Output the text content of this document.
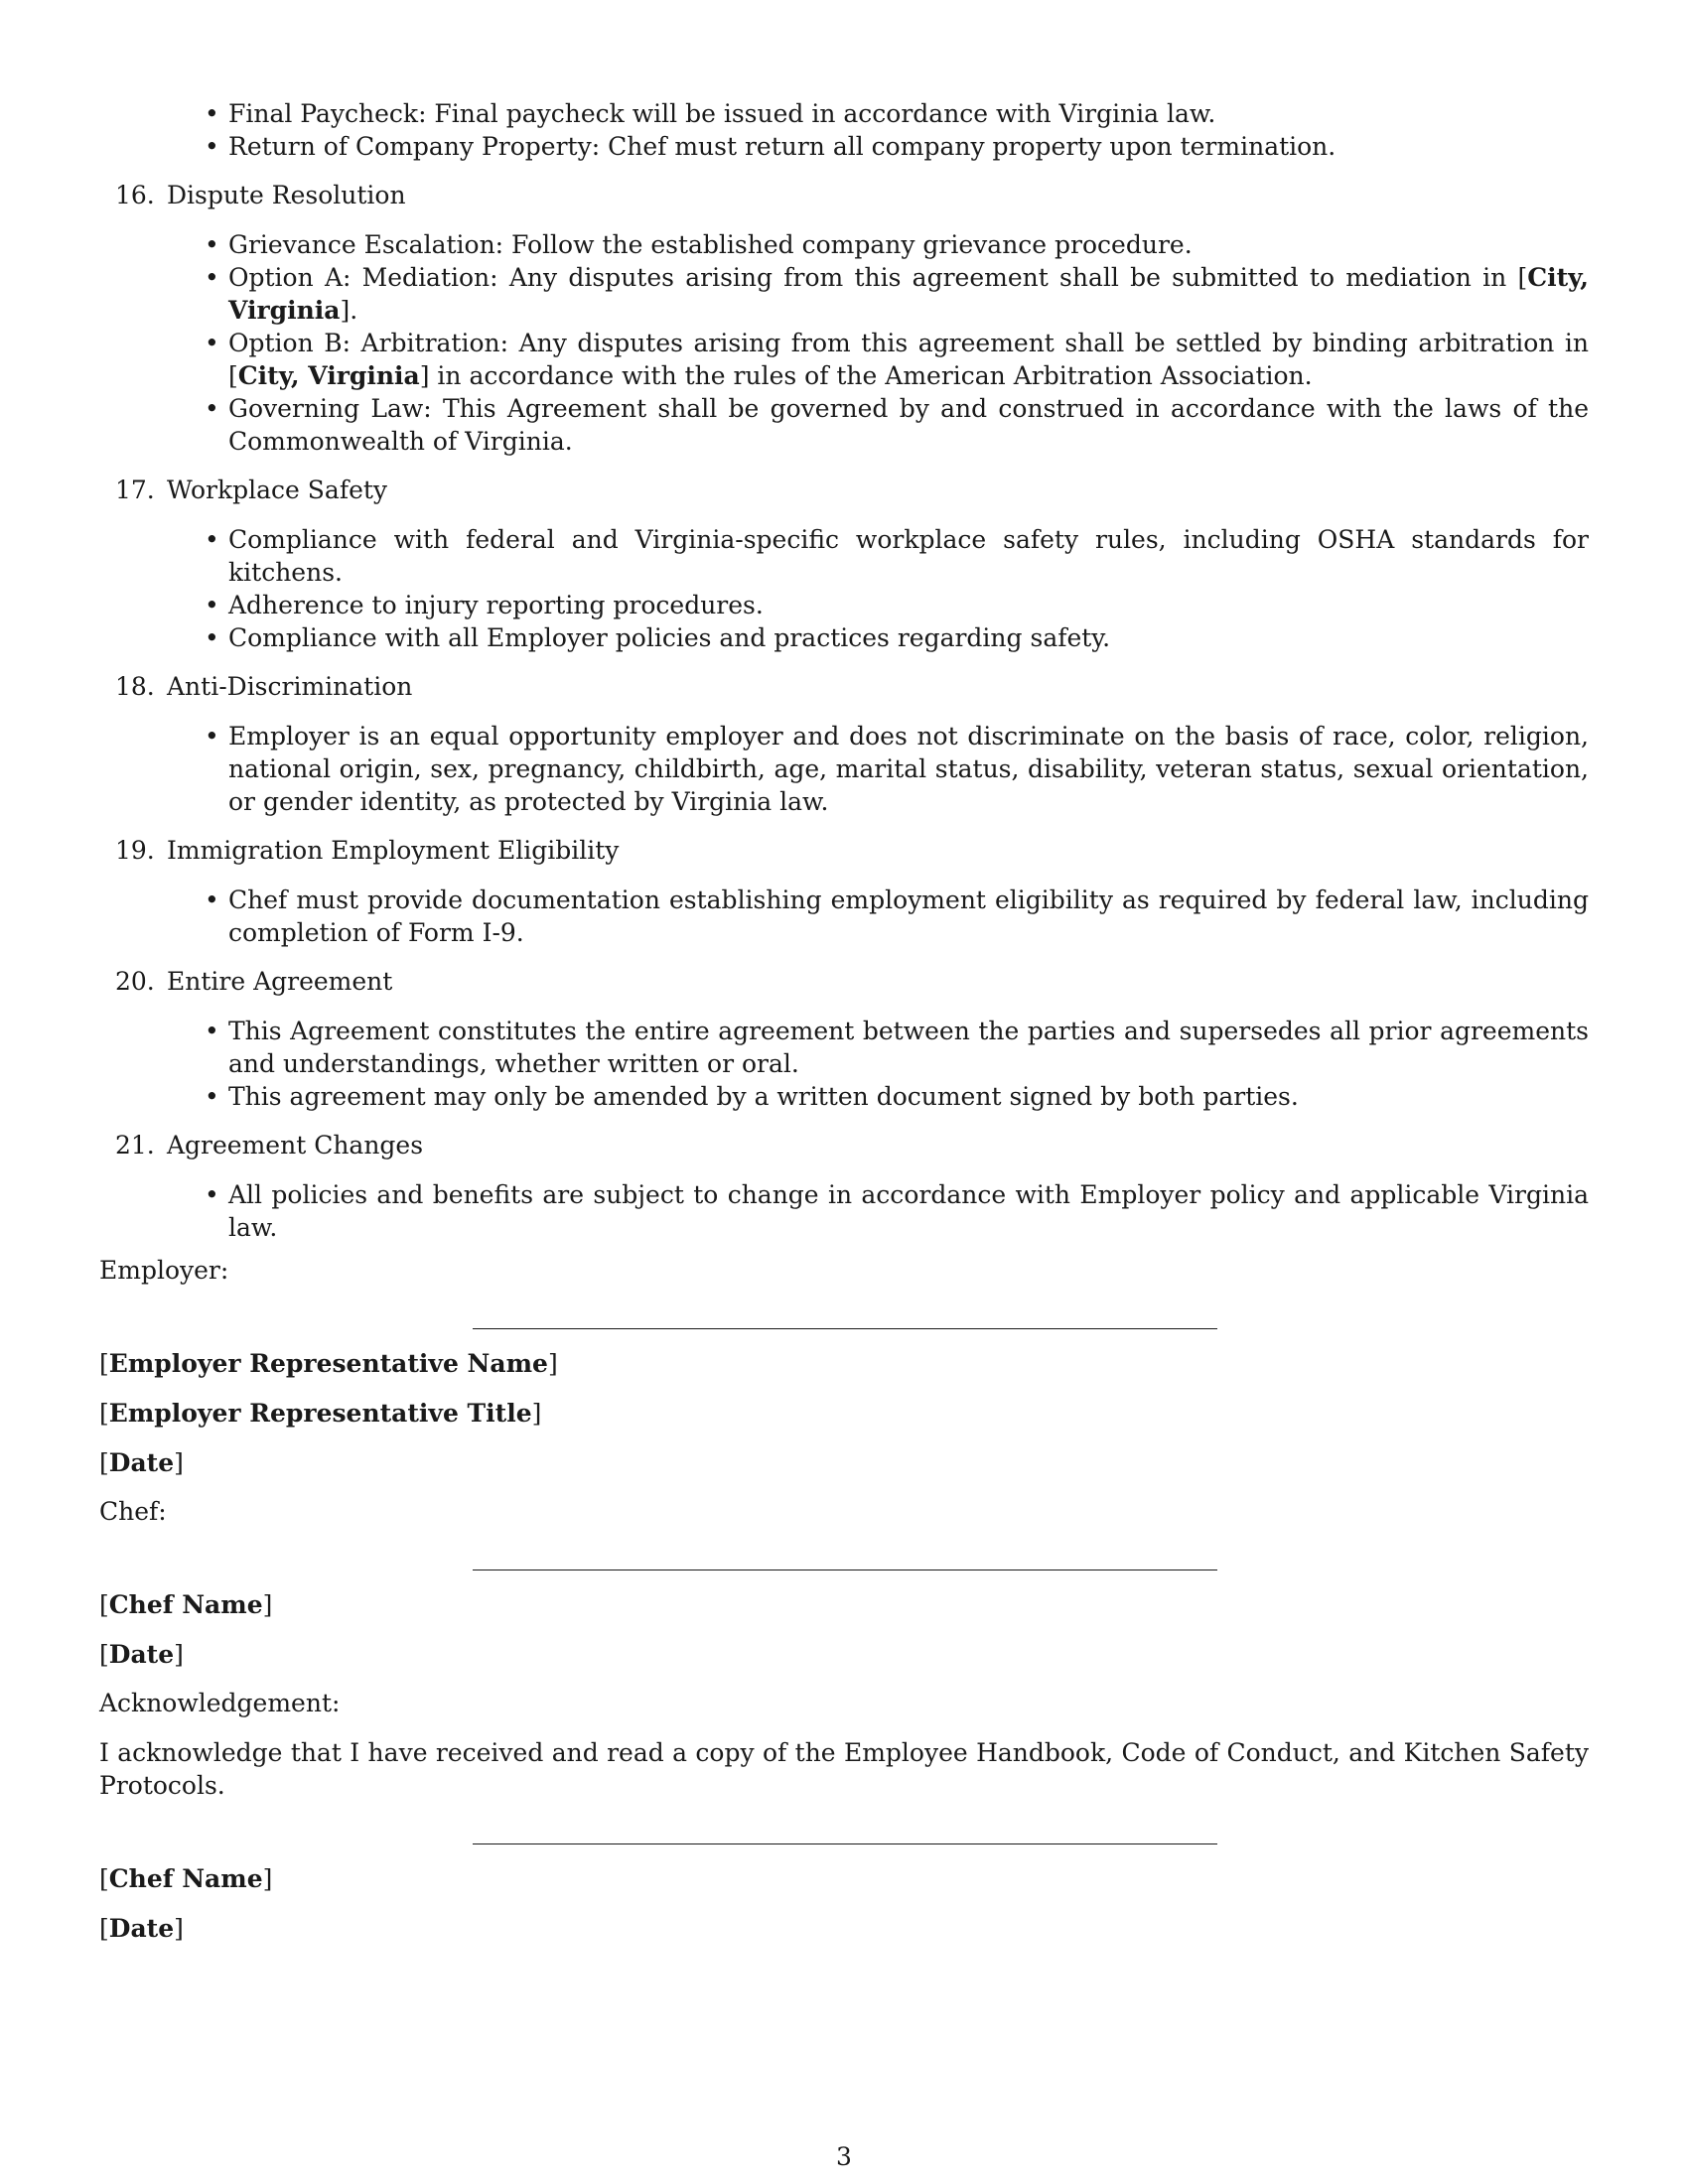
• Final Paycheck: Final paycheck will be issued in accordance with Virginia law.
• Return of Company Property: Chef must return all company property upon termination.
16. Dispute Resolution
• Grievance Escalation: Follow the established company grievance procedure.
• Option A: Mediation: Any disputes arising from this agreement shall be submitted to mediation in [City, Virginia].
• Option B: Arbitration: Any disputes arising from this agreement shall be settled by binding arbitration in [City, Virginia] in accordance with the rules of the American Arbitration Association.
• Governing Law: This Agreement shall be governed by and construed in accordance with the laws of the Commonwealth of Virginia.
17. Workplace Safety
• Compliance with federal and Virginia-specific workplace safety rules, including OSHA standards for kitchens.
• Adherence to injury reporting procedures.
• Compliance with all Employer policies and practices regarding safety.
18. Anti-Discrimination
• Employer is an equal opportunity employer and does not discriminate on the basis of race, color, religion, national origin, sex, pregnancy, childbirth, age, marital status, disability, veteran status, sexual orientation, or gender identity, as protected by Virginia law.
19. Immigration Employment Eligibility
• Chef must provide documentation establishing employment eligibility as required by federal law, including completion of Form I-9.
20. Entire Agreement
• This Agreement constitutes the entire agreement between the parties and supersedes all prior agreements and understandings, whether written or oral.
• This agreement may only be amended by a written document signed by both parties.
21. Agreement Changes
• All policies and benefits are subject to change in accordance with Employer policy and applicable Virginia law.
Employer:
[Employer Representative Name]
[Employer Representative Title]
[Date]
Chef:
[Chef Name]
[Date]
Acknowledgement:
I acknowledge that I have received and read a copy of the Employee Handbook, Code of Conduct, and Kitchen Safety Protocols.
[Chef Name]
[Date]
3
